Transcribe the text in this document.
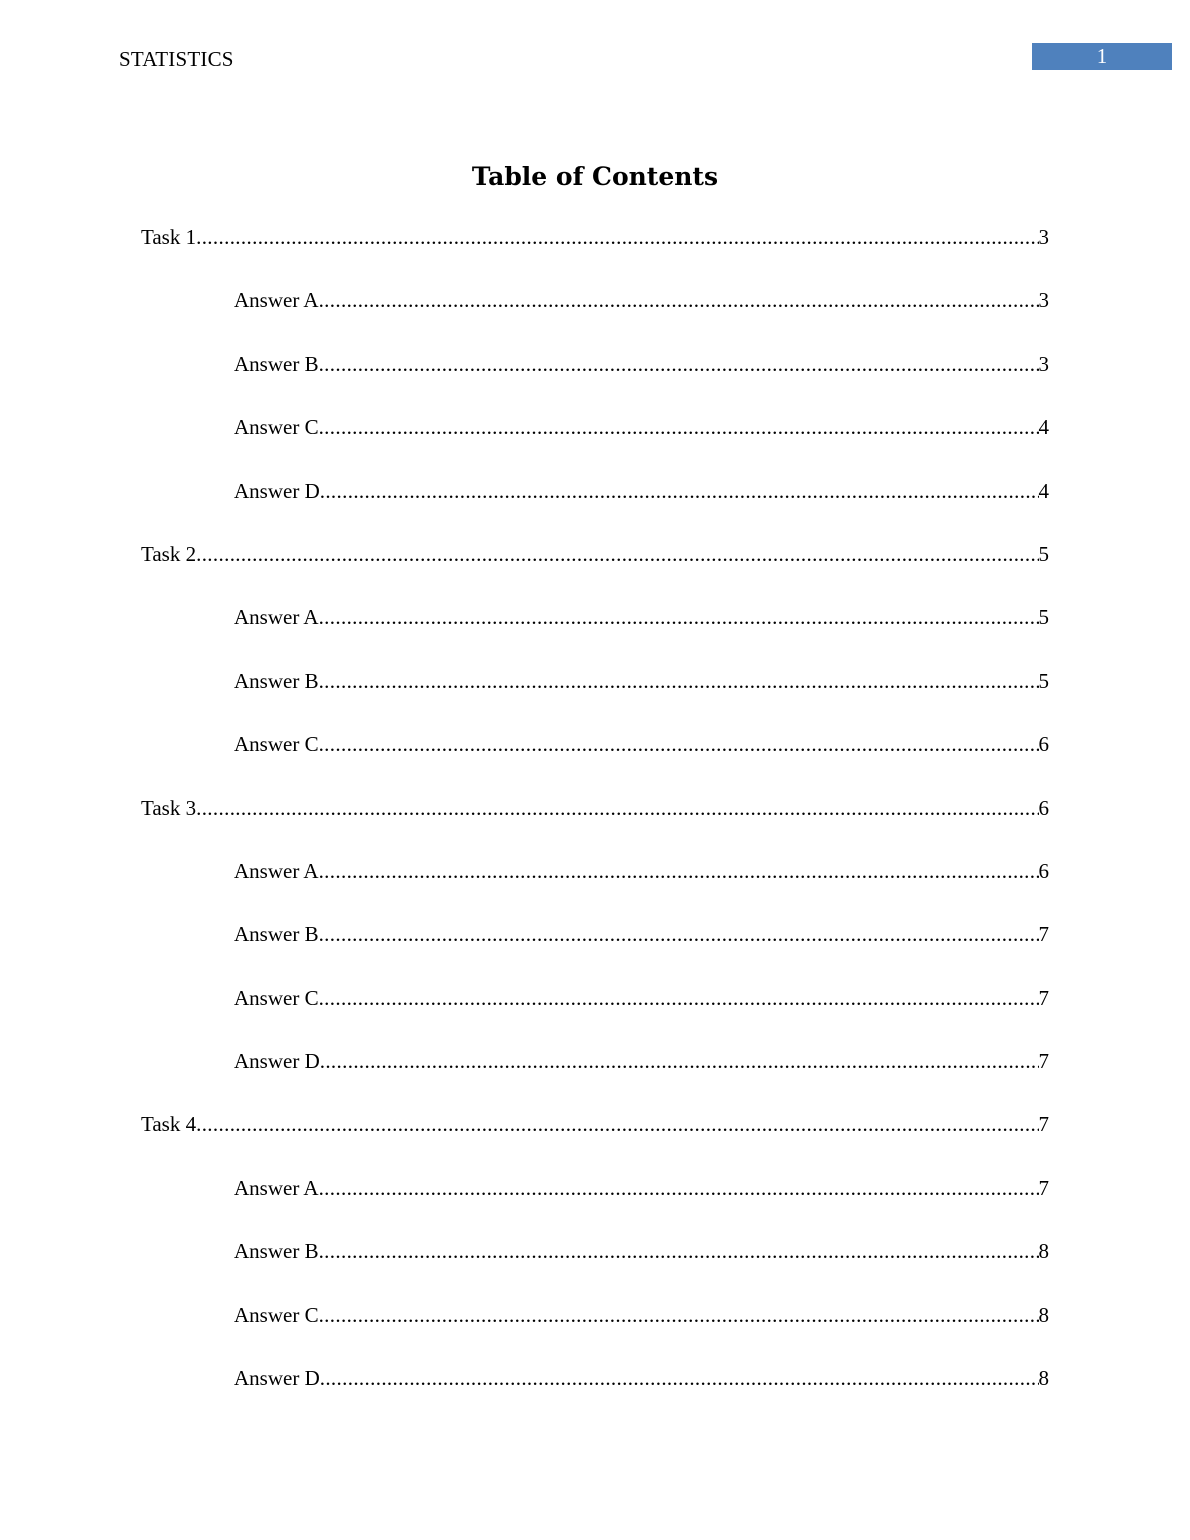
STATISTICS	1
Table of Contents
Task 1 .....	3
Answer A .....	3
Answer B .....	3
Answer C .....	4
Answer D .....	4
Task 2 .....	5
Answer A .....	5
Answer B .....	5
Answer C .....	6
Task 3 .....	6
Answer A .....	6
Answer B .....	7
Answer C .....	7
Answer D .....	7
Task 4 .....	7
Answer A .....	7
Answer B .....	8
Answer C .....	8
Answer D .....	8
